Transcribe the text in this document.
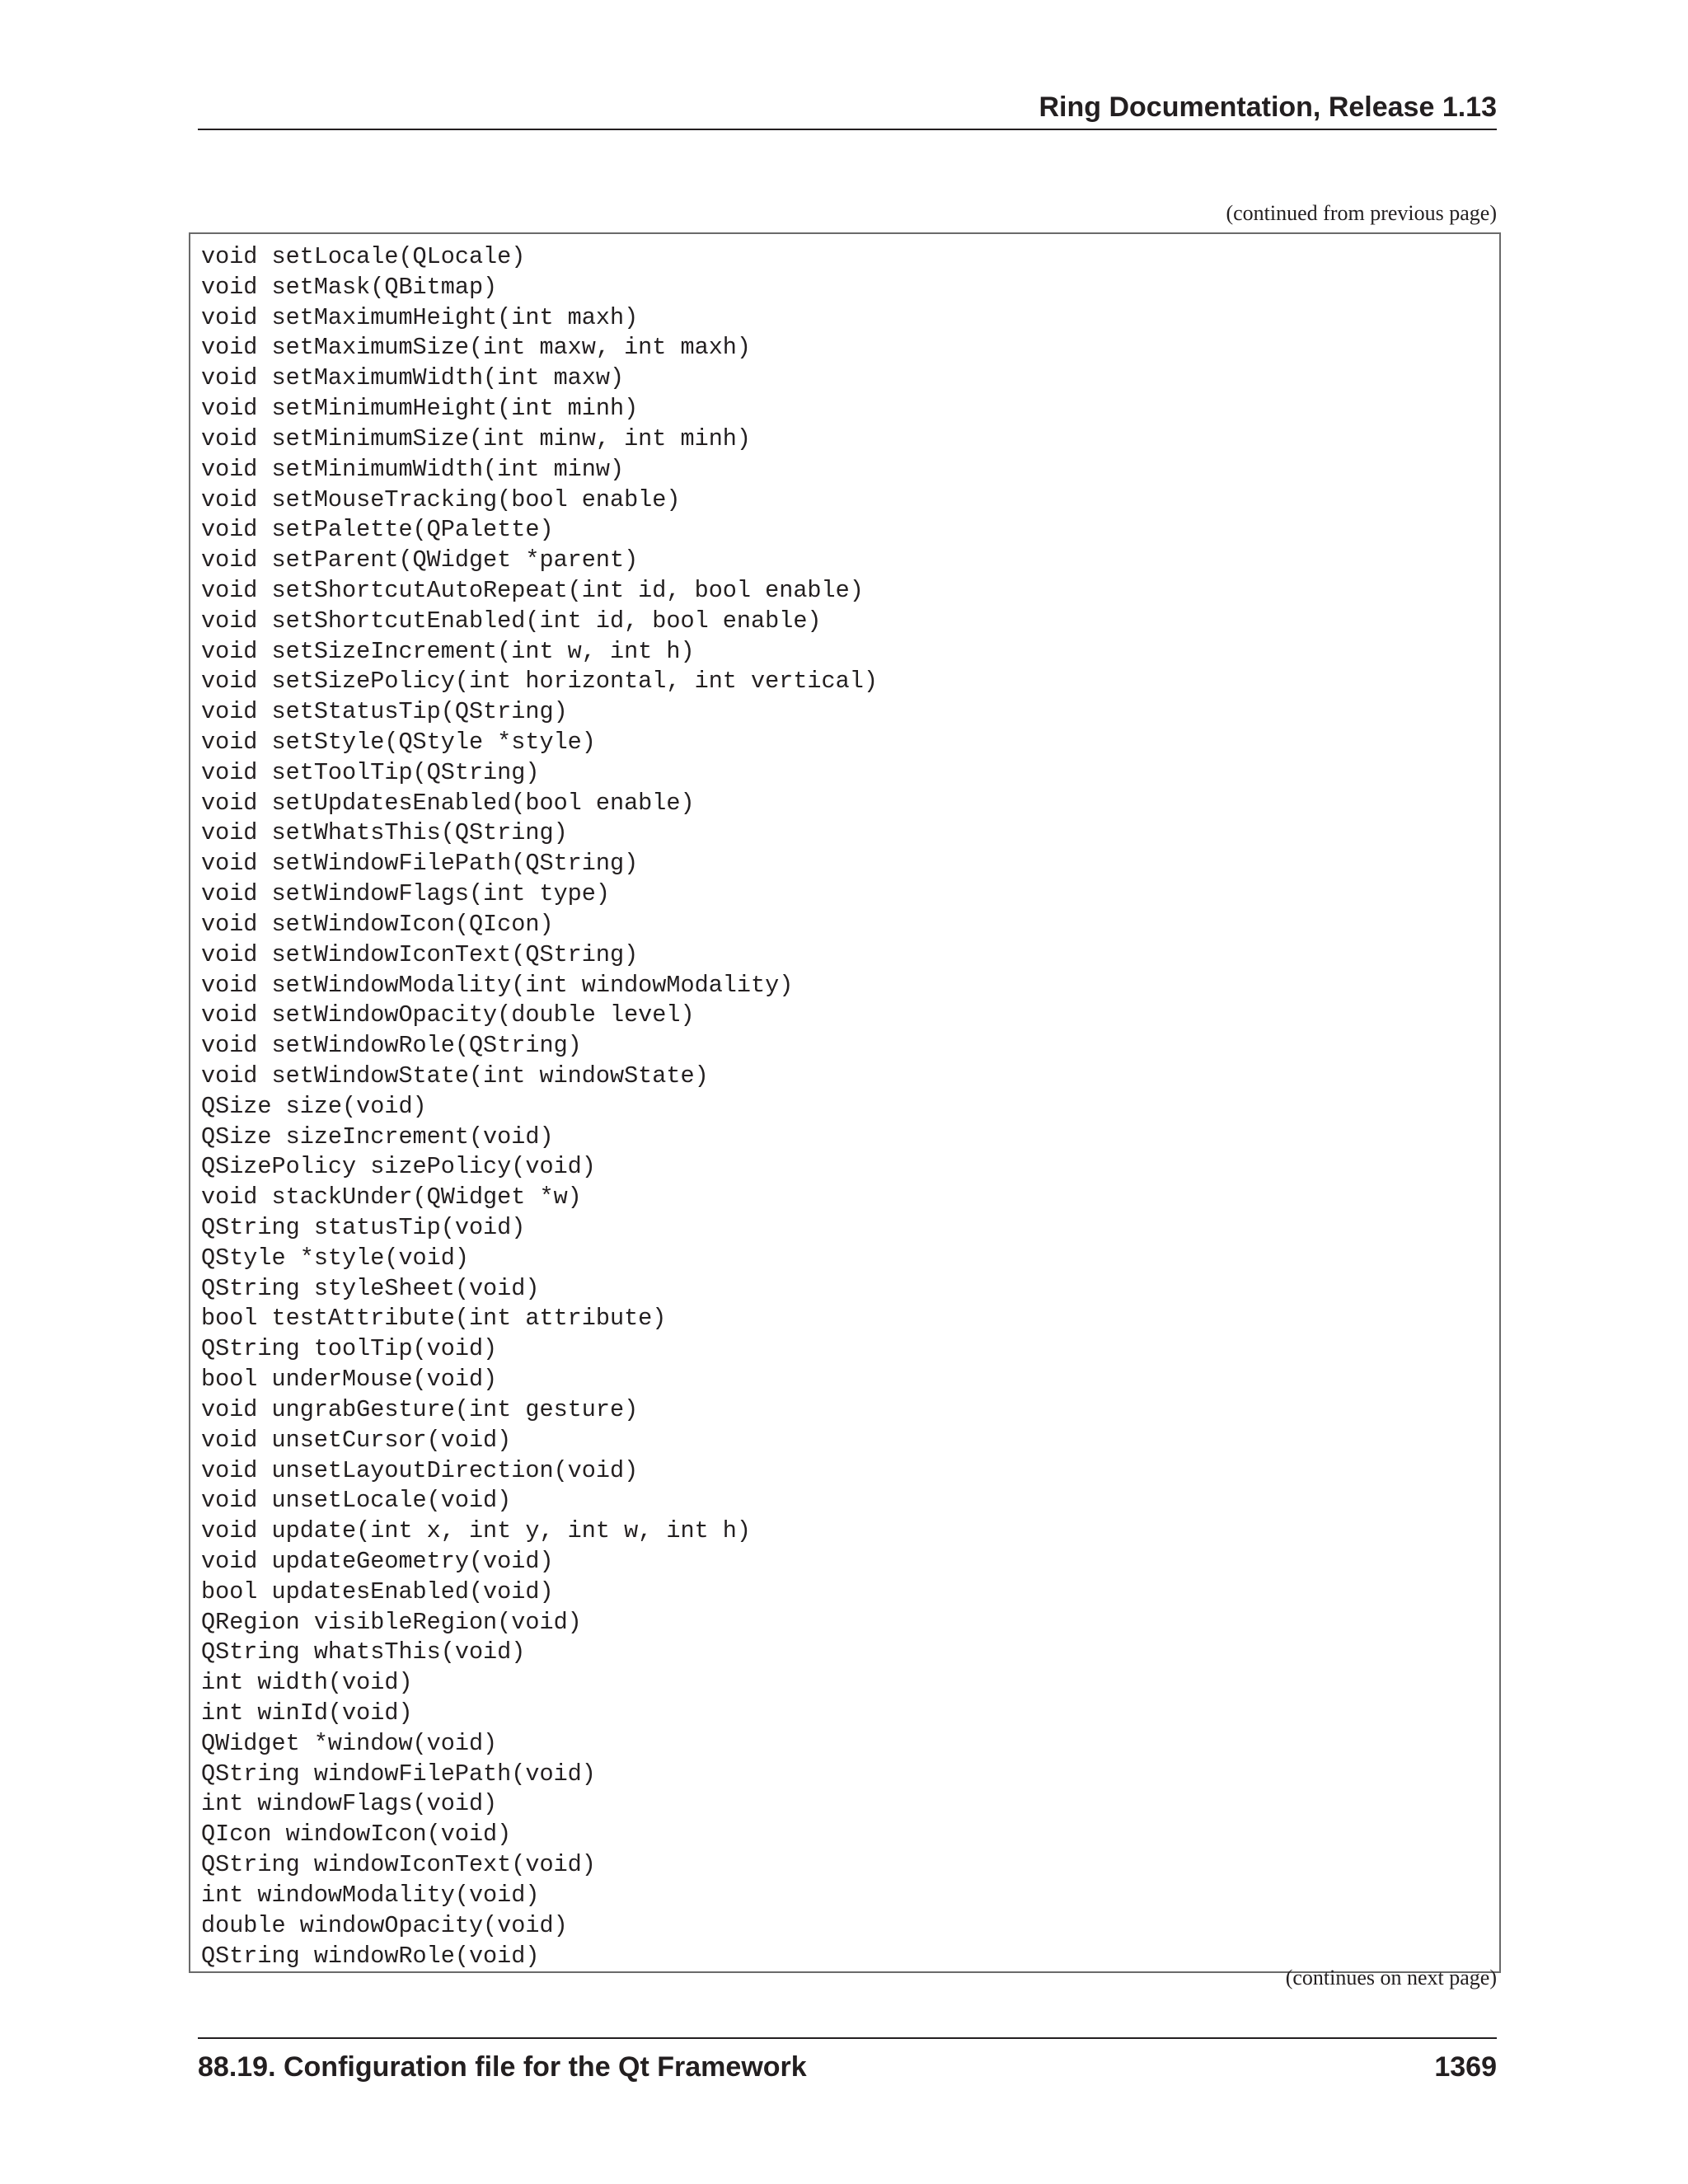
Ring Documentation, Release 1.13
(continued from previous page)
void setLocale(QLocale)
void setMask(QBitmap)
void setMaximumHeight(int maxh)
void setMaximumSize(int maxw, int maxh)
void setMaximumWidth(int maxw)
void setMinimumHeight(int minh)
void setMinimumSize(int minw, int minh)
void setMinimumWidth(int minw)
void setMouseTracking(bool enable)
void setPalette(QPalette)
void setParent(QWidget *parent)
void setShortcutAutoRepeat(int id, bool enable)
void setShortcutEnabled(int id, bool enable)
void setSizeIncrement(int w, int h)
void setSizePolicy(int horizontal, int vertical)
void setStatusTip(QString)
void setStyle(QStyle *style)
void setToolTip(QString)
void setUpdatesEnabled(bool enable)
void setWhatsThis(QString)
void setWindowFilePath(QString)
void setWindowFlags(int type)
void setWindowIcon(QIcon)
void setWindowIconText(QString)
void setWindowModality(int windowModality)
void setWindowOpacity(double level)
void setWindowRole(QString)
void setWindowState(int windowState)
QSize size(void)
QSize sizeIncrement(void)
QSizePolicy sizePolicy(void)
void stackUnder(QWidget *w)
QString statusTip(void)
QStyle *style(void)
QString styleSheet(void)
bool testAttribute(int attribute)
QString toolTip(void)
bool underMouse(void)
void ungrabGesture(int gesture)
void unsetCursor(void)
void unsetLayoutDirection(void)
void unsetLocale(void)
void update(int x, int y, int w, int h)
void updateGeometry(void)
bool updatesEnabled(void)
QRegion visibleRegion(void)
QString whatsThis(void)
int width(void)
int winId(void)
QWidget *window(void)
QString windowFilePath(void)
int windowFlags(void)
QIcon windowIcon(void)
QString windowIconText(void)
int windowModality(void)
double windowOpacity(void)
QString windowRole(void)
(continues on next page)
88.19. Configuration file for the Qt Framework	1369
